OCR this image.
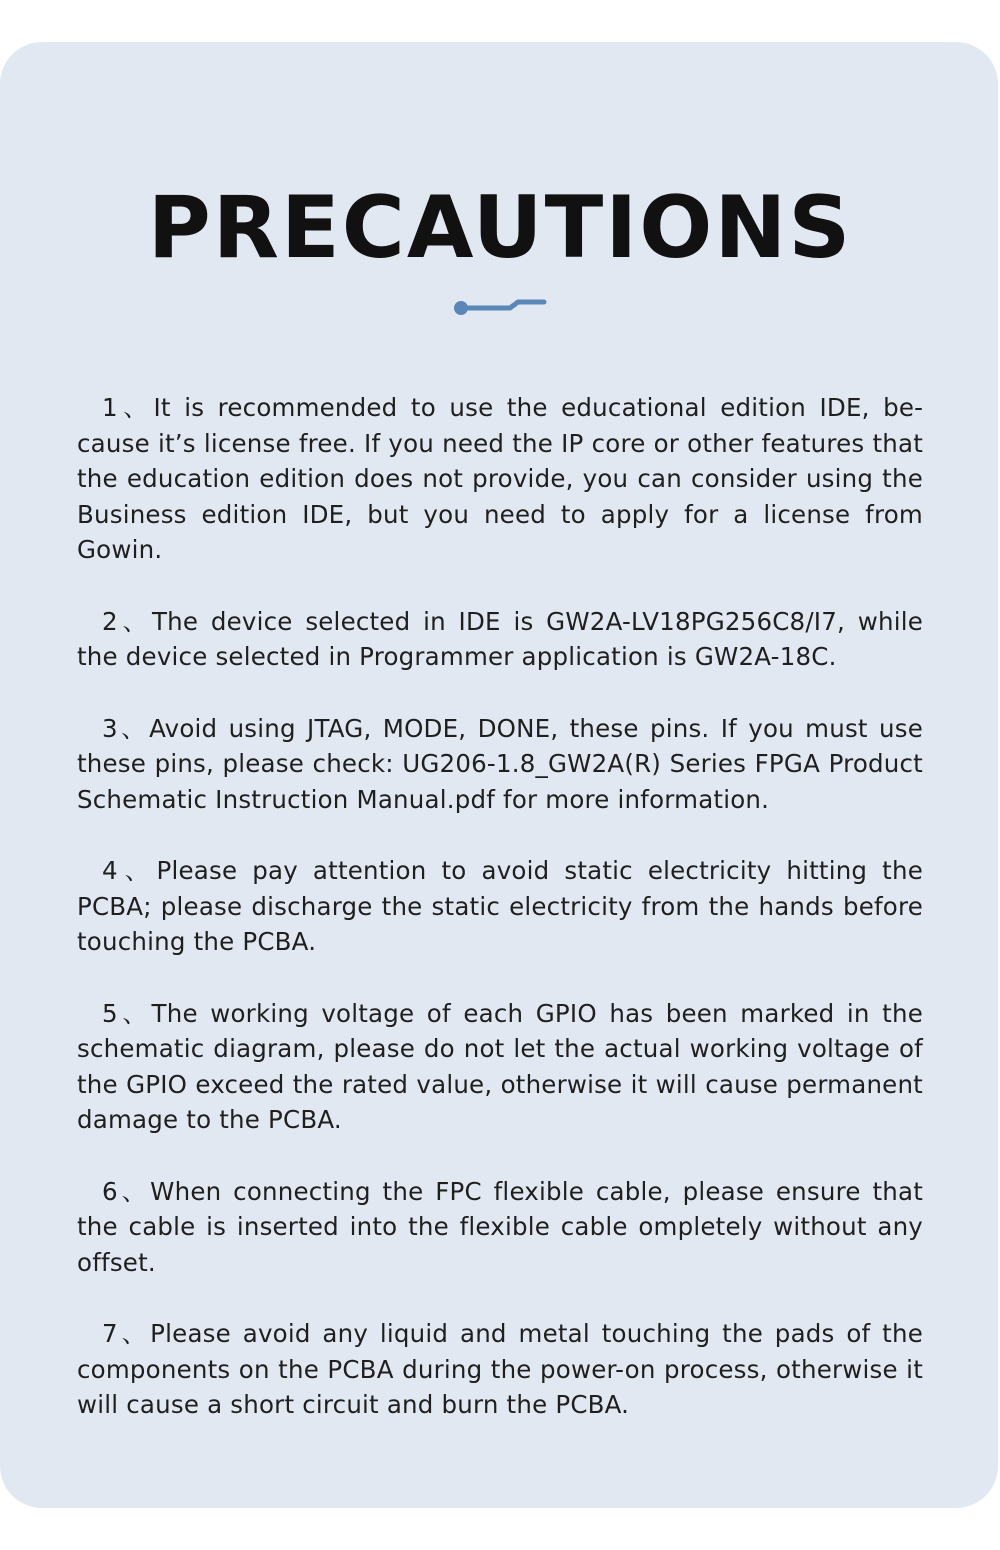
PRECAUTIONS
1、It is recommended to use the educational edition IDE, because it’s license free. If you need the IP core or other features that the education edition does not provide, you can consider using the Business edition IDE, but you need to apply for a license from Gowin.
2、The device selected in IDE is GW2A-LV18PG256C8/I7, while the device selected in Programmer application is GW2A-18C.
3、Avoid using JTAG, MODE, DONE, these pins. If you must use these pins, please check: UG206-1.8_GW2A(R) Series FPGA Product Schematic Instruction Manual.pdf for more information.
4、Please pay attention to avoid static electricity hitting the PCBA; please discharge the static electricity from the hands before touching the PCBA.
5、The working voltage of each GPIO has been marked in the schematic diagram, please do not let the actual working voltage of the GPIO exceed the rated value, otherwise it will cause permanent damage to the PCBA.
6、When connecting the FPC flexible cable, please ensure that the cable is inserted into the flexible cable ompletely without any offset.
7、Please avoid any liquid and metal touching the pads of the components on the PCBA during the power-on process, otherwise it will cause a short circuit and burn the PCBA.
